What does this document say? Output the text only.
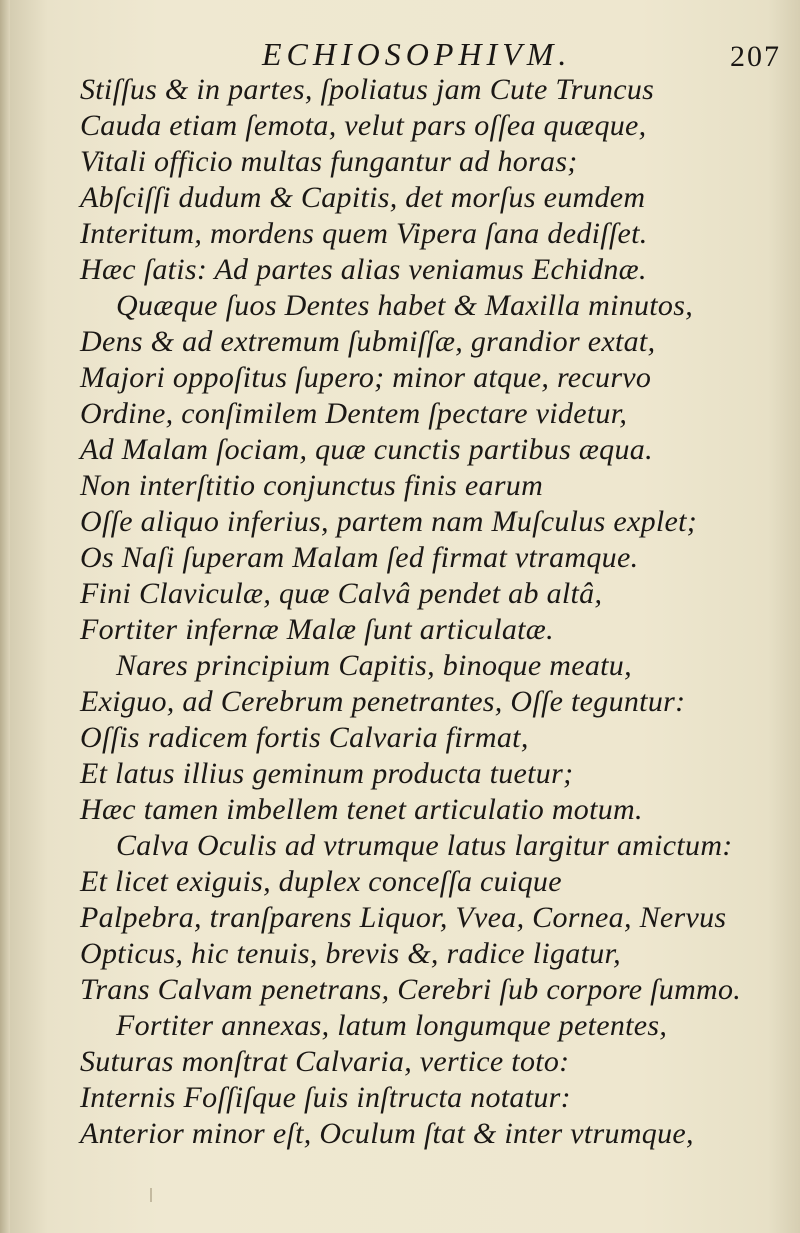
ECHIOSOPHIVM.	207
Stiſſus & in partes, ſpoliatus jam Cute Truncus
Cauda etiam ſemota, velut pars oſſea quæque,
Vitali officio multas fungantur ad horas;
Abſciſſi dudum & Capitis, det morſus eumdem
Interitum, mordens quem Vipera ſana dediſſet.
Hæc ſatis: Ad partes alias veniamus Echidnæ.
Quæque ſuos Dentes habet & Maxilla minutos,
Dens & ad extremum ſubmiſſæ, grandior extat,
Majori oppoſitus ſupero; minor atque, recurvo
Ordine, conſimilem Dentem ſpectare videtur,
Ad Malam ſociam, quæ cunctis partibus æqua.
Non interſtitio conjunctus finis earum
Oſſe aliquo inferius, partem nam Muſculus explet;
Os Naſi ſuperam Malam ſed firmat vtramque.
Fini Claviculæ, quæ Calvâ pendet ab altâ,
Fortiter infernæ Malæ ſunt articulatæ.
Nares principium Capitis, binoque meatu,
Exiguo, ad Cerebrum penetrantes, Oſſe teguntur:
Oſſis radicem fortis Calvaria firmat,
Et latus illius geminum producta tuetur;
Hæc tamen imbellem tenet articulatio motum.
Calva Oculis ad vtrumque latus largitur amictum:
Et licet exiguis, duplex conceſſa cuique
Palpebra, tranſparens Liquor, Vvea, Cornea, Nervus
Opticus, hic tenuis, brevis &, radice ligatur,
Trans Calvam penetrans, Cerebri ſub corpore ſummo.
Fortiter annexas, latum longumque petentes,
Suturas monſtrat Calvaria, vertice toto:
Internis Foſſiſque ſuis inſtructa notatur:
Anterior minor eſt, Oculum ſtat & inter vtrumque,
